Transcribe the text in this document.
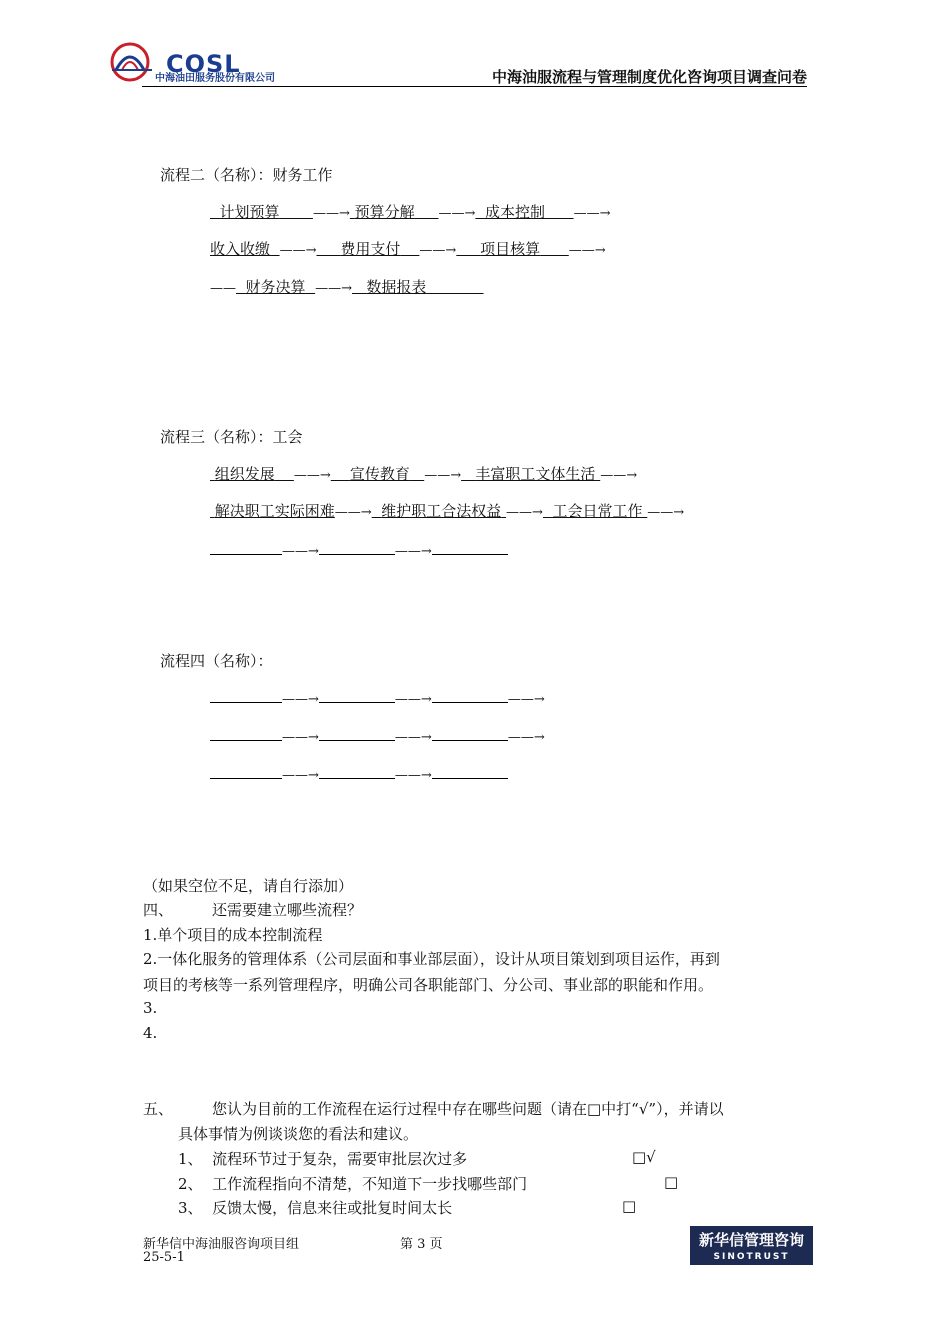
COSL
中海油田服务股份有限公司	中海油服流程与管理制度优化咨询项目调查问卷
流程二（名称）：财务工作
计划预算	——→ 预算分解 ——→ 成本控制 ——→
收入收缴 ——→ 费用支付 ——→ 项目核算 ——→
—— 财务决算 ——→ 数据报表
流程三（名称）：工会
组织发展 ——→ 宣传教育 ——→ 丰富职工文体生活 ——→
解决职工实际困难——→ 维护职工合法权益 ——→ 工会日常工作 ——→
——→	——→
流程四（名称）：
——→	——→	——→
——→	——→	——→
——→	——→
（如果空位不足，请自行添加）
四、	还需要建立哪些流程？
1.单个项目的成本控制流程
2.一体化服务的管理体系（公司层面和事业部层面），设计从项目策划到项目运作，再到
项目的考核等一系列管理程序，明确公司各职能部门、分公司、事业部的职能和作用。
3.
4.
五、	您认为目前的工作流程在运行过程中存在哪些问题（请在□中打“√”），并请以
具体事情为例谈谈您的看法和建议。
1、 流程环节过于复杂，需要审批层次过多	□√
2、 工作流程指向不清楚，不知道下一步找哪些部门	□
3、 反馈太慢，信息来往或批复时间太长	□
新华信中海油服咨询项目组	第 3 页
25-5-1
新华信管理咨询
SINOTRUST
